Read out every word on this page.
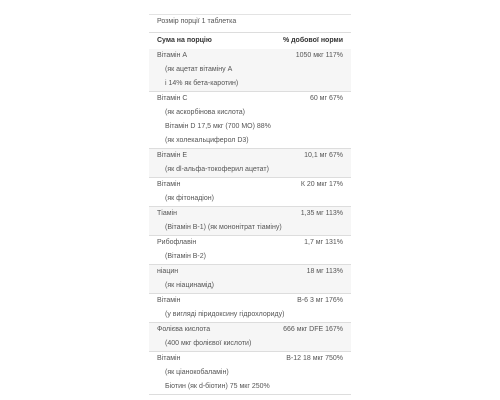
Розмір порції 1 таблетка
Сума на порцію	% добової норми
Вітамін A	1050 мкг 117%
(як ацетат вітаміну A
і 14% як бета-каротин)
Вітамін C	60 мг 67%
(як аскорбінова кислота)
Вітамін D 17,5 мкг (700 МО) 88%
(як холекальциферол D3)
Вітамін E	10,1 мг 67%
(як dl-альфа-токоферил ацетат)
Вітамін	К 20 мкг 17%
(як фітонадіон)
Тіамін	1,35 мг 113%
(Вітамін B-1) (як мононітрат тіаміну)
Рибофлавін	1,7 мг 131%
(Вітамін B-2)
ніацин	18 мг 113%
(як ніацинамід)
Вітамін	B-6 3 мг 176%
(у вигляді піридоксину гідрохлориду)
Фолієва кислота	666 мкг DFE 167%
(400 мкг фолієвої кислоти)
Вітамін	B-12 18 мкг 750%
(як ціанокобаламін)
Біотин (як d-біотин) 75 мкг 250%
